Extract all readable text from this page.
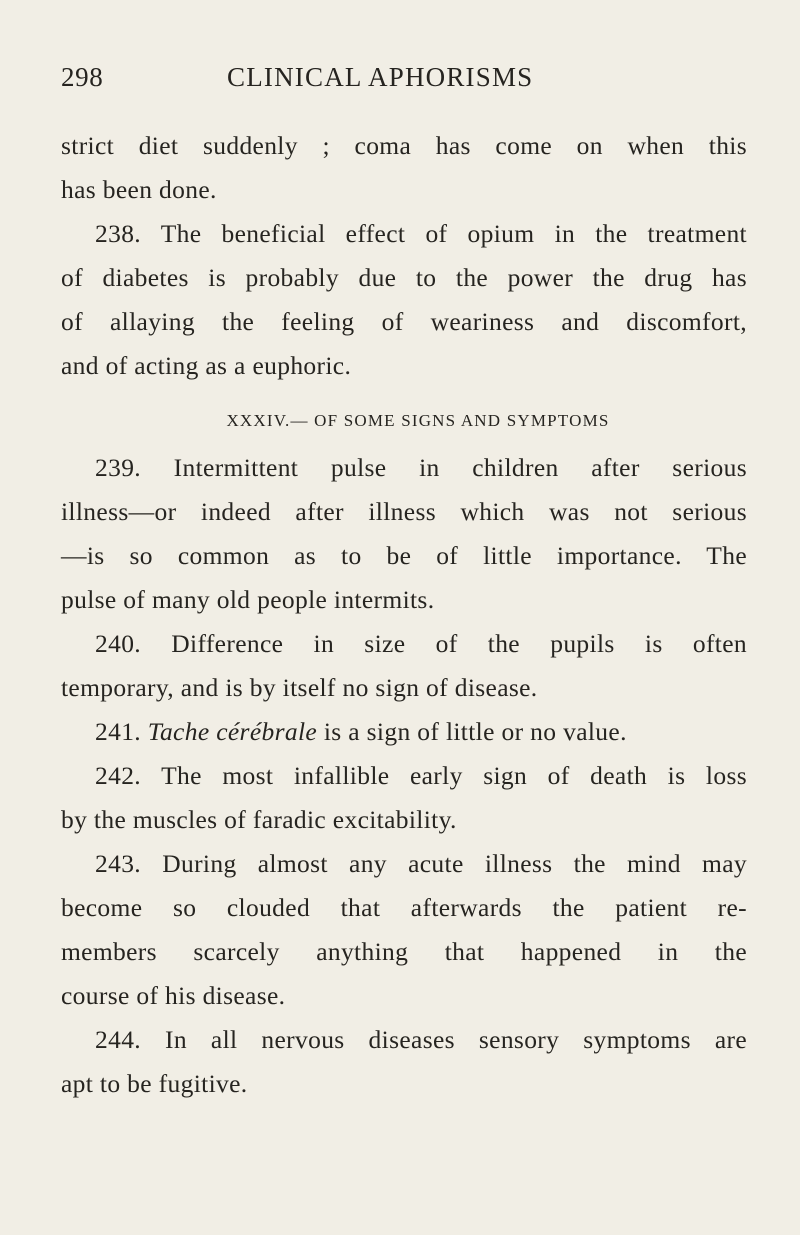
298	CLINICAL APHORISMS
strict diet suddenly ; coma has come on when this
has been done.
238. The beneficial effect of opium in the treatment
of diabetes is probably due to the power the drug has
of allaying the feeling of weariness and discomfort,
and of acting as a euphoric.
XXXIV.— OF SOME SIGNS AND SYMPTOMS
239. Intermittent pulse in children after serious
illness—or indeed after illness which was not serious
—is so common as to be of little importance. The
pulse of many old people intermits.
240. Difference in size of the pupils is often
temporary, and is by itself no sign of disease.
241. Tache cérébrale is a sign of little or no value.
242. The most infallible early sign of death is loss
by the muscles of faradic excitability.
243. During almost any acute illness the mind may
become so clouded that afterwards the patient re-
members scarcely anything that happened in the
course of his disease.
244. In all nervous diseases sensory symptoms are
apt to be fugitive.
